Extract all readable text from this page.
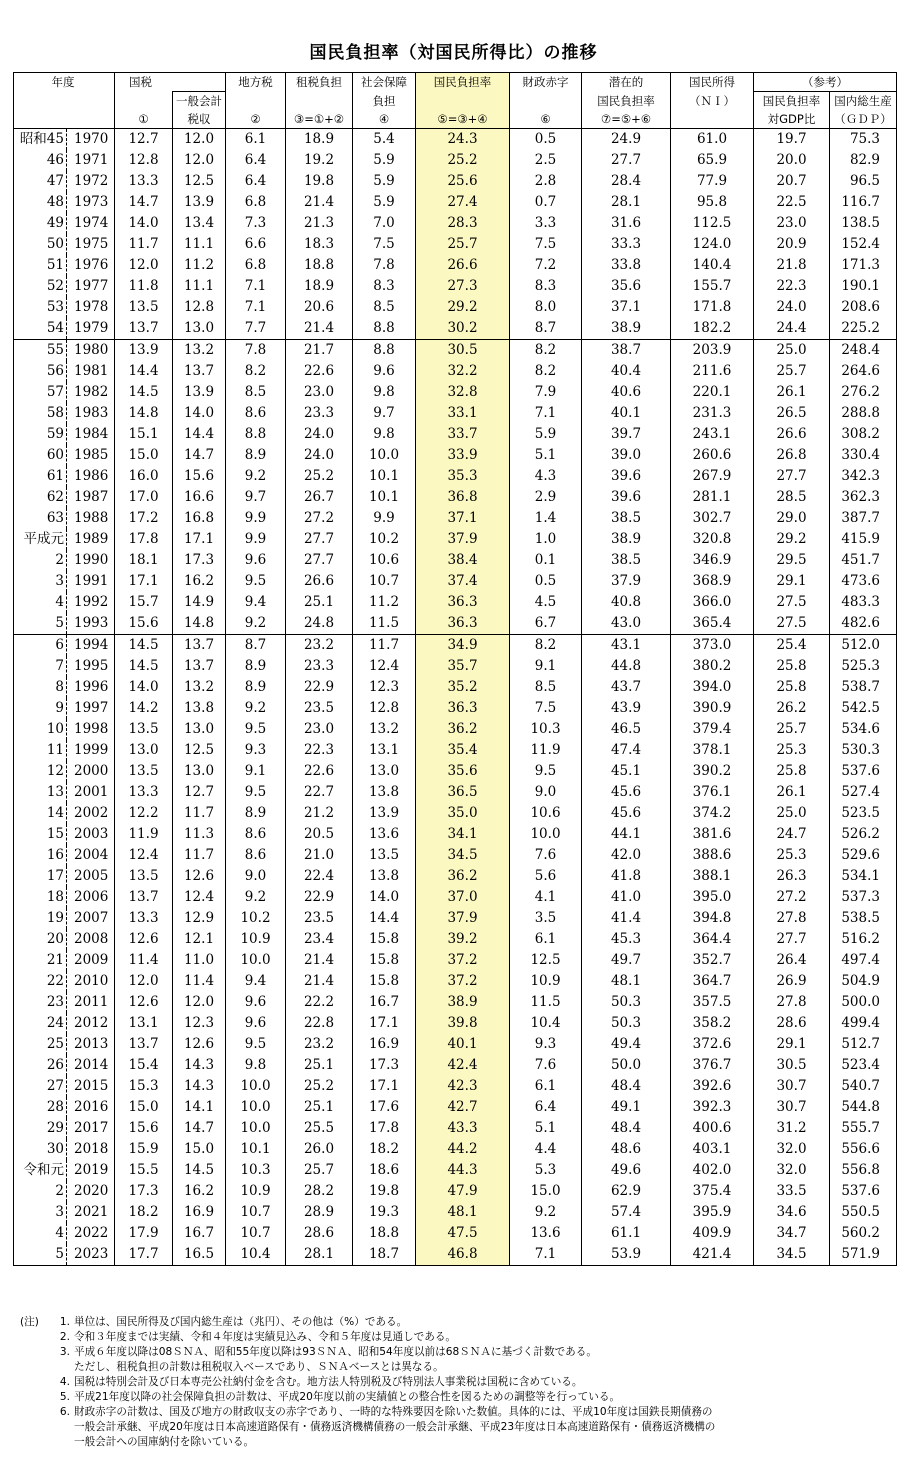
国民負担率（対国民所得比）の推移
年度		国税		地方税	租税負担	社会保障	国民負担率	財政赤字	潜在的	国民所得	（参考）	
			一般会計			負担			国民負担率	（ＮＩ）	国民負担率	国内総生産
		①	税収	②	③=①+②	④	⑤=③+④	⑥	⑦=⑤+⑥		対GDP比	（ＧＤＰ）
昭和45	1970	12.7	12.0	6.1	18.9	5.4	24.3	0.5	24.9	61.0	19.7	75.3
46	1971	12.8	12.0	6.4	19.2	5.9	25.2	2.5	27.7	65.9	20.0	82.9
47	1972	13.3	12.5	6.4	19.8	5.9	25.6	2.8	28.4	77.9	20.7	96.5
48	1973	14.7	13.9	6.8	21.4	5.9	27.4	0.7	28.1	95.8	22.5	116.7
49	1974	14.0	13.4	7.3	21.3	7.0	28.3	3.3	31.6	112.5	23.0	138.5
50	1975	11.7	11.1	6.6	18.3	7.5	25.7	7.5	33.3	124.0	20.9	152.4
51	1976	12.0	11.2	6.8	18.8	7.8	26.6	7.2	33.8	140.4	21.8	171.3
52	1977	11.8	11.1	7.1	18.9	8.3	27.3	8.3	35.6	155.7	22.3	190.1
53	1978	13.5	12.8	7.1	20.6	8.5	29.2	8.0	37.1	171.8	24.0	208.6
54	1979	13.7	13.0	7.7	21.4	8.8	30.2	8.7	38.9	182.2	24.4	225.2
55	1980	13.9	13.2	7.8	21.7	8.8	30.5	8.2	38.7	203.9	25.0	248.4
56	1981	14.4	13.7	8.2	22.6	9.6	32.2	8.2	40.4	211.6	25.7	264.6
57	1982	14.5	13.9	8.5	23.0	9.8	32.8	7.9	40.6	220.1	26.1	276.2
58	1983	14.8	14.0	8.6	23.3	9.7	33.1	7.1	40.1	231.3	26.5	288.8
59	1984	15.1	14.4	8.8	24.0	9.8	33.7	5.9	39.7	243.1	26.6	308.2
60	1985	15.0	14.7	8.9	24.0	10.0	33.9	5.1	39.0	260.6	26.8	330.4
61	1986	16.0	15.6	9.2	25.2	10.1	35.3	4.3	39.6	267.9	27.7	342.3
62	1987	17.0	16.6	9.7	26.7	10.1	36.8	2.9	39.6	281.1	28.5	362.3
63	1988	17.2	16.8	9.9	27.2	9.9	37.1	1.4	38.5	302.7	29.0	387.7
平成元	1989	17.8	17.1	9.9	27.7	10.2	37.9	1.0	38.9	320.8	29.2	415.9
2	1990	18.1	17.3	9.6	27.7	10.6	38.4	0.1	38.5	346.9	29.5	451.7
3	1991	17.1	16.2	9.5	26.6	10.7	37.4	0.5	37.9	368.9	29.1	473.6
4	1992	15.7	14.9	9.4	25.1	11.2	36.3	4.5	40.8	366.0	27.5	483.3
5	1993	15.6	14.8	9.2	24.8	11.5	36.3	6.7	43.0	365.4	27.5	482.6
6	1994	14.5	13.7	8.7	23.2	11.7	34.9	8.2	43.1	373.0	25.4	512.0
7	1995	14.5	13.7	8.9	23.3	12.4	35.7	9.1	44.8	380.2	25.8	525.3
8	1996	14.0	13.2	8.9	22.9	12.3	35.2	8.5	43.7	394.0	25.8	538.7
9	1997	14.2	13.8	9.2	23.5	12.8	36.3	7.5	43.9	390.9	26.2	542.5
10	1998	13.5	13.0	9.5	23.0	13.2	36.2	10.3	46.5	379.4	25.7	534.6
11	1999	13.0	12.5	9.3	22.3	13.1	35.4	11.9	47.4	378.1	25.3	530.3
12	2000	13.5	13.0	9.1	22.6	13.0	35.6	9.5	45.1	390.2	25.8	537.6
13	2001	13.3	12.7	9.5	22.7	13.8	36.5	9.0	45.6	376.1	26.1	527.4
14	2002	12.2	11.7	8.9	21.2	13.9	35.0	10.6	45.6	374.2	25.0	523.5
15	2003	11.9	11.3	8.6	20.5	13.6	34.1	10.0	44.1	381.6	24.7	526.2
16	2004	12.4	11.7	8.6	21.0	13.5	34.5	7.6	42.0	388.6	25.3	529.6
17	2005	13.5	12.6	9.0	22.4	13.8	36.2	5.6	41.8	388.1	26.3	534.1
18	2006	13.7	12.4	9.2	22.9	14.0	37.0	4.1	41.0	395.0	27.2	537.3
19	2007	13.3	12.9	10.2	23.5	14.4	37.9	3.5	41.4	394.8	27.8	538.5
20	2008	12.6	12.1	10.9	23.4	15.8	39.2	6.1	45.3	364.4	27.7	516.2
21	2009	11.4	11.0	10.0	21.4	15.8	37.2	12.5	49.7	352.7	26.4	497.4
22	2010	12.0	11.4	9.4	21.4	15.8	37.2	10.9	48.1	364.7	26.9	504.9
23	2011	12.6	12.0	9.6	22.2	16.7	38.9	11.5	50.3	357.5	27.8	500.0
24	2012	13.1	12.3	9.6	22.8	17.1	39.8	10.4	50.3	358.2	28.6	499.4
25	2013	13.7	12.6	9.5	23.2	16.9	40.1	9.3	49.4	372.6	29.1	512.7
26	2014	15.4	14.3	9.8	25.1	17.3	42.4	7.6	50.0	376.7	30.5	523.4
27	2015	15.3	14.3	10.0	25.2	17.1	42.3	6.1	48.4	392.6	30.7	540.7
28	2016	15.0	14.1	10.0	25.1	17.6	42.7	6.4	49.1	392.3	30.7	544.8
29	2017	15.6	14.7	10.0	25.5	17.8	43.3	5.1	48.4	400.6	31.2	555.7
30	2018	15.9	15.0	10.1	26.0	18.2	44.2	4.4	48.6	403.1	32.0	556.6
令和元	2019	15.5	14.5	10.3	25.7	18.6	44.3	5.3	49.6	402.0	32.0	556.8
2	2020	17.3	16.2	10.9	28.2	19.8	47.9	15.0	62.9	375.4	33.5	537.6
3	2021	18.2	16.9	10.7	28.9	19.3	48.1	9.2	57.4	395.9	34.6	550.5
4	2022	17.9	16.7	10.7	28.6	18.8	47.5	13.6	61.1	409.9	34.7	560.2
5	2023	17.7	16.5	10.4	28.1	18.7	46.8	7.1	53.9	421.4	34.5	571.9
(注)	1. 単位は、国民所得及び国内総生産は（兆円）、その他は（%）である。
2. 令和３年度までは実績、令和４年度は実績見込み、令和５年度は見通しである。
3. 平成６年度以降は08ＳＮＡ、昭和55年度以降は93ＳＮＡ、昭和54年度以前は68ＳＮＡに基づく計数である。
ただし、租税負担の計数は租税収入ベースであり、ＳＮＡベースとは異なる。
4. 国税は特別会計及び日本専売公社納付金を含む。地方法人特別税及び特別法人事業税は国税に含めている。
5. 平成21年度以降の社会保障負担の計数は、平成20年度以前の実績値との整合性を図るための調整等を行っている。
6. 財政赤字の計数は、国及び地方の財政収支の赤字であり、一時的な特殊要因を除いた数値。具体的には、平成10年度は国鉄長期債務の
一般会計承継、平成20年度は日本高速道路保有・債務返済機構債務の一般会計承継、平成23年度は日本高速道路保有・債務返済機構の
一般会計への国庫納付を除いている。
